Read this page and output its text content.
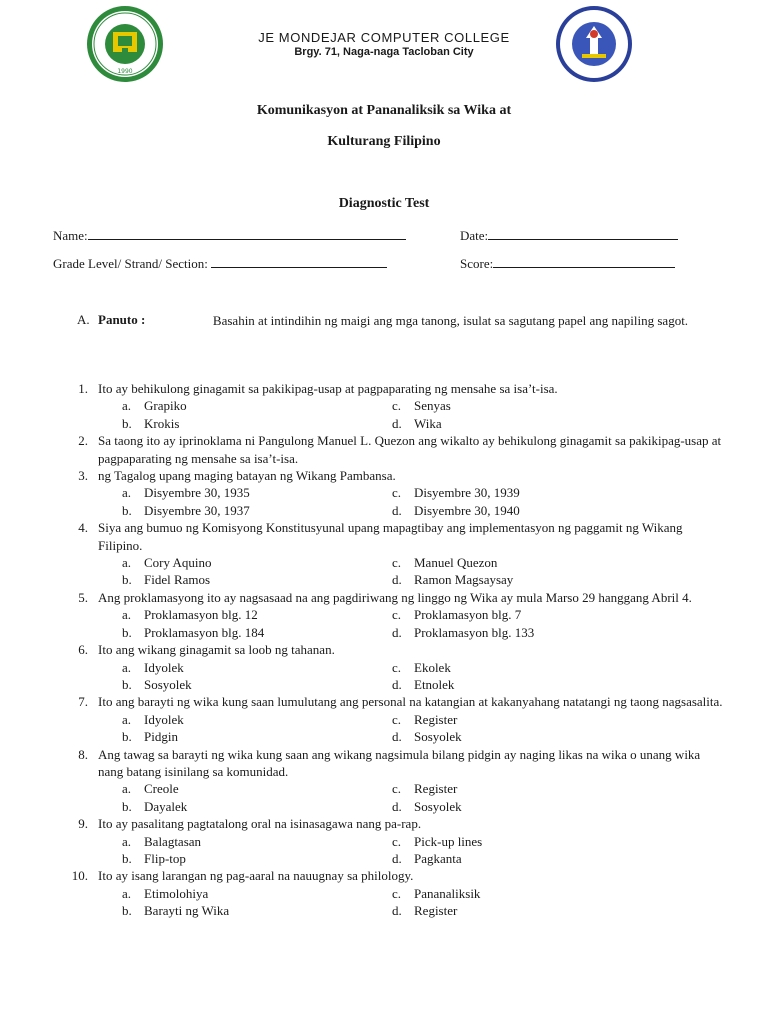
1990
JE MONDEJAR COMPUTER COLLEGE
Brgy. 71, Naga-naga Tacloban City
Komunikasyon at Pananaliksik sa Wika at
Kulturang Filipino
Diagnostic Test
Name:	Date:
Grade Level/ Strand/ Section:	Score:
A. Panuto :	Basahin at intindihin ng maigi ang mga tanong, isulat sa sagutang papel ang napiling sagot.
1. Ito ay behikulong ginagamit sa pakikipag-usap at pagpaparating ng mensahe sa isa’t-isa.
a. Grapiko	c. Senyas
b. Krokis	d. Wika
2. Sa taong ito ay iprinoklama ni Pangulong Manuel L. Quezon ang wikalto ay behikulong ginagamit sa pakikipag-usap at pagpaparating ng mensahe sa isa’t-isa.
3. ng Tagalog upang maging batayan ng Wikang Pambansa.
a. Disyembre 30, 1935	c. Disyembre 30, 1939
b. Disyembre 30, 1937	d. Disyembre 30, 1940
4. Siya ang bumuo ng Komisyong Konstitusyunal upang mapagtibay ang implementasyon ng paggamit ng Wikang Filipino.
a. Cory Aquino	c. Manuel Quezon
b. Fidel Ramos	d. Ramon Magsaysay
5. Ang proklamasyong ito ay nagsasaad na ang pagdiriwang ng linggo ng Wika ay mula Marso 29 hanggang Abril 4.
a. Proklamasyon blg. 12	c. Proklamasyon blg. 7
b. Proklamasyon blg. 184	d. Proklamasyon blg. 133
6. Ito ang wikang ginagamit sa loob ng tahanan.
a. Idyolek	c. Ekolek
b. Sosyolek	d. Etnolek
7. Ito ang barayti ng wika kung saan lumulutang ang personal na katangian at kakanyahang natatangi ng taong nagsasalita.
a. Idyolek	c. Register
b. Pidgin	d. Sosyolek
8. Ang tawag sa barayti ng wika kung saan ang wikang nagsimula bilang pidgin ay naging likas na wika o unang wika nang batang isinilang sa komunidad.
a. Creole	c. Register
b. Dayalek	d. Sosyolek
9. Ito ay pasalitang pagtatalong oral na isinasagawa nang pa-rap.
a. Balagtasan	c. Pick-up lines
b. Flip-top	d. Pagkanta
10. Ito ay isang larangan ng pag-aaral na nauugnay sa philology.
a. Etimolohiya	c. Pananaliksik
b. Barayti ng Wika	d. Register
